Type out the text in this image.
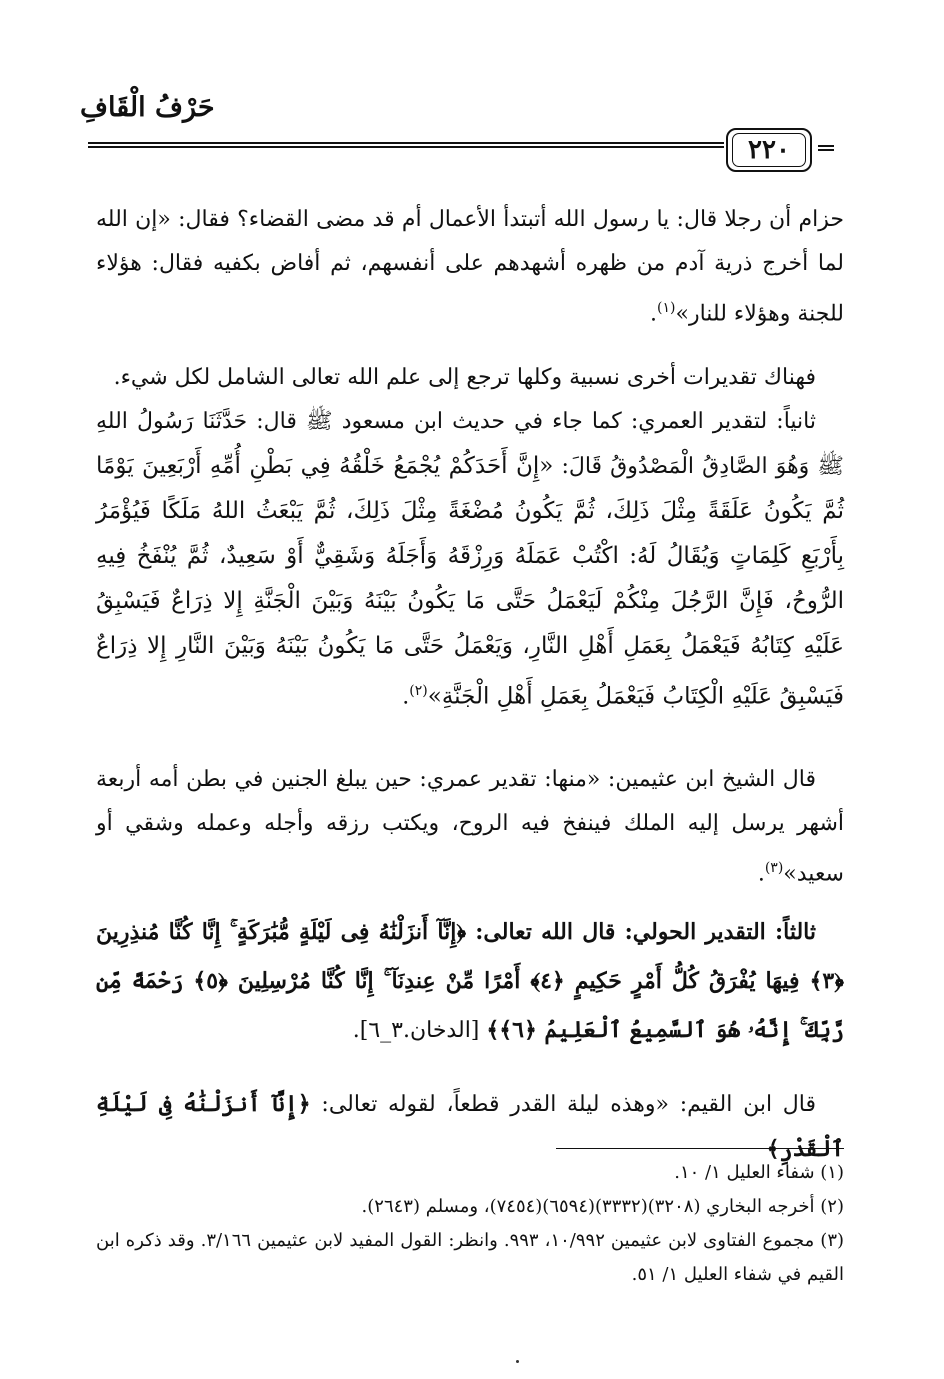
حَرْفُ الْقَافِ
٢٢٠

حزام أن رجلا قال: يا رسول الله أتبتدأ الأعمال أم قد مضى القضاء؟ فقال: «إن الله لما أخرج ذرية آدم من ظهره أشهدهم على أنفسهم، ثم أفاض بكفيه فقال: هؤلاء للجنة وهؤلاء للنار»$^{(١)}$.

فهناك تقديرات أخرى نسبية وكلها ترجع إلى علم الله تعالى الشامل لكل شيء.

ثانياً: لتقدير العمري: كما جاء في حديث ابن مسعود ﷺ قال: حَدَّثَنَا رَسُولُ اللهِ ﷺ وَهُوَ الصَّادِقُ الْمَصْدُوقُ قَالَ: «إِنَّ أَحَدَكُمْ يُجْمَعُ خَلْقُهُ فِي بَطْنِ أُمِّهِ أَرْبَعِينَ يَوْمًا ثُمَّ يَكُونُ عَلَقَةً مِثْلَ ذَلِكَ، ثُمَّ يَكُونُ مُضْغَةً مِثْلَ ذَلِكَ، ثُمَّ يَبْعَثُ اللهُ مَلَكًا فَيُؤْمَرُ بِأَرْبَعِ كَلِمَاتٍ وَيُقَالُ لَهُ: اكْتُبْ عَمَلَهُ وَرِزْقَهُ وَأَجَلَهُ وَشَقِيٌّ أَوْ سَعِيدٌ، ثُمَّ يُنْفَخُ فِيهِ الرُّوحُ، فَإِنَّ الرَّجُلَ مِنْكُمْ لَيَعْمَلُ حَتَّى مَا يَكُونُ بَيْنَهُ وَبَيْنَ الْجَنَّةِ إِلا ذِرَاعٌ فَيَسْبِقُ عَلَيْهِ كِتَابُهُ فَيَعْمَلُ بِعَمَلِ أَهْلِ النَّارِ، وَيَعْمَلُ حَتَّى مَا يَكُونُ بَيْنَهُ وَبَيْنَ النَّارِ إِلا ذِرَاعٌ فَيَسْبِقُ عَلَيْهِ الْكِتَابُ فَيَعْمَلُ بِعَمَلِ أَهْلِ الْجَنَّةِ»$^{(٢)}$.

قال الشيخ ابن عثيمين: «منها: تقدير عمري: حين يبلغ الجنين في بطن أمه أربعة أشهر يرسل إليه الملك فينفخ فيه الروح، ويكتب رزقه وأجله وعمله وشقي أو سعيد»$^{(٣)}$.

ثالثاً: التقدير الحولي: قال الله تعالى: ﴿إِنَّآ أَنزَلْنَٰهُ فِى لَيْلَةٍ مُّبَٰرَكَةٍ ۚ إِنَّا كُنَّا مُنذِرِينَ ﴿٣﴾ فِيهَا يُفْرَقُ كُلُّ أَمْرٍ حَكِيمٍ ﴿٤﴾ أَمْرًا مِّنْ عِندِنَآ ۚ إِنَّا كُنَّا مُرْسِلِينَ ﴿٥﴾ رَحْمَةً مِّن رَّبِّكَ ۚ إِنَّهُۥ هُوَ ٱلسَّمِيعُ ٱلْعَلِيمُ ﴿٦﴾﴾ [الدخان.٣_٦].

قال ابن القيم: «وهذه ليلة القدر قطعاً، لقوله تعالى: ﴿إِنَّآ أَنزَلْنَٰهُ فِى لَيْلَةِ ٱلْقَدْرِ﴾

(١) شفاء العليل ١/ ١٠.

(٢) أخرجه البخاري (٣٢٠٨)(٣٣٣٢)(٦٥٩٤)(٧٤٥٤)، ومسلم (٢٦٤٣).

(٣) مجموع الفتاوى لابن عثيمين ١٠/٩٩٢، ٩٩٣. وانظر: القول المفيد لابن عثيمين ٣/١٦٦. وقد ذكره ابن القيم في شفاء العليل ١/ ٥١.
